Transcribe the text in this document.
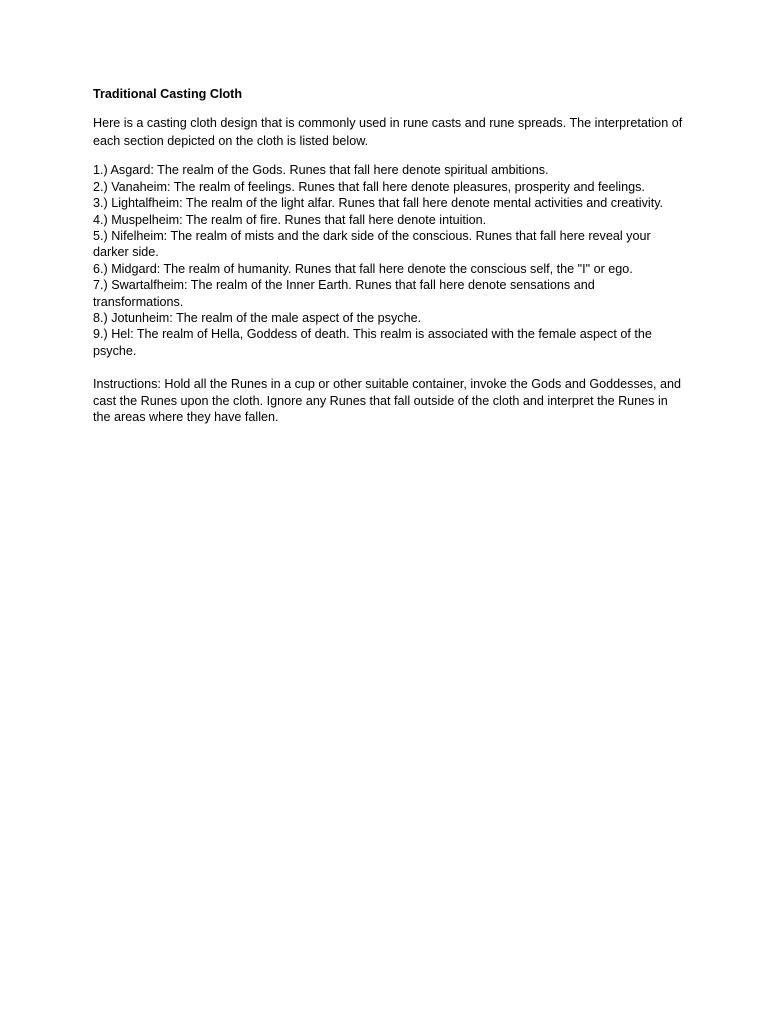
Traditional Casting Cloth

Here is a casting cloth design that is commonly used in rune casts and rune spreads. The interpretation of each section depicted on the cloth is listed below.

1.) Asgard: The realm of the Gods. Runes that fall here denote spiritual ambitions.
2.) Vanaheim: The realm of feelings. Runes that fall here denote pleasures, prosperity and feelings.
3.) Lightalfheim: The realm of the light alfar. Runes that fall here denote mental activities and creativity.
4.) Muspelheim: The realm of fire. Runes that fall here denote intuition.
5.) Nifelheim: The realm of mists and the dark side of the conscious. Runes that fall here reveal your darker side.
6.) Midgard: The realm of humanity. Runes that fall here denote the conscious self, the "I" or ego.
7.) Swartalfheim: The realm of the Inner Earth. Runes that fall here denote sensations and transformations.
8.) Jotunheim: The realm of the male aspect of the psyche.
9.) Hel: The realm of Hella, Goddess of death. This realm is associated with the female aspect of the psyche.

Instructions: Hold all the Runes in a cup or other suitable container, invoke the Gods and Goddesses, and cast the Runes upon the cloth. Ignore any Runes that fall outside of the cloth and interpret the Runes in the areas where they have fallen.
